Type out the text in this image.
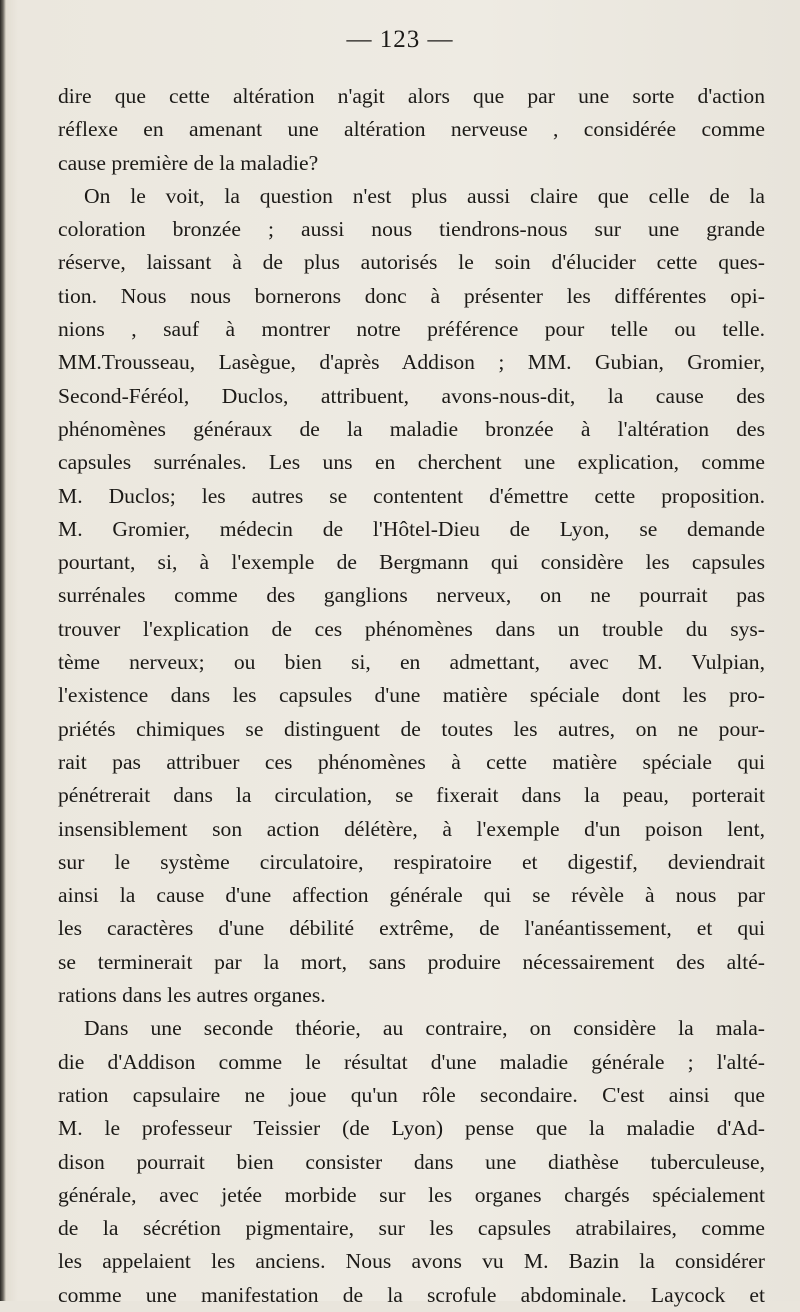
— 123 —
dire que cette altération n'agit alors que par une sorte d'action
réflexe en amenant une altération nerveuse , considérée comme
cause première de la maladie?
On le voit, la question n'est plus aussi claire que celle de la
coloration bronzée ; aussi nous tiendrons-nous sur une grande
réserve, laissant à de plus autorisés le soin d'élucider cette ques-
tion. Nous nous bornerons donc à présenter les différentes opi-
nions , sauf à montrer notre préférence pour telle ou telle.
MM.Trousseau, Lasègue, d'après Addison ; MM. Gubian, Gromier,
Second-Féréol, Duclos, attribuent, avons-nous-dit, la cause des
phénomènes généraux de la maladie bronzée à l'altération des
capsules surrénales. Les uns en cherchent une explication, comme
M. Duclos; les autres se contentent d'émettre cette proposition.
M. Gromier, médecin de l'Hôtel-Dieu de Lyon, se demande
pourtant, si, à l'exemple de Bergmann qui considère les capsules
surrénales comme des ganglions nerveux, on ne pourrait pas
trouver l'explication de ces phénomènes dans un trouble du sys-
tème nerveux; ou bien si, en admettant, avec M. Vulpian,
l'existence dans les capsules d'une matière spéciale dont les pro-
priétés chimiques se distinguent de toutes les autres, on ne pour-
rait pas attribuer ces phénomènes à cette matière spéciale qui
pénétrerait dans la circulation, se fixerait dans la peau, porterait
insensiblement son action délétère, à l'exemple d'un poison lent,
sur le système circulatoire, respiratoire et digestif, deviendrait
ainsi la cause d'une affection générale qui se révèle à nous par
les caractères d'une débilité extrême, de l'anéantissement, et qui
se terminerait par la mort, sans produire nécessairement des alté-
rations dans les autres organes.
Dans une seconde théorie, au contraire, on considère la mala-
die d'Addison comme le résultat d'une maladie générale ; l'alté-
ration capsulaire ne joue qu'un rôle secondaire. C'est ainsi que
M. le professeur Teissier (de Lyon) pense que la maladie d'Ad-
dison pourrait bien consister dans une diathèse tuberculeuse,
générale, avec jetée morbide sur les organes chargés spécialement
de la sécrétion pigmentaire, sur les capsules atrabilaires, comme
les appelaient les anciens. Nous avons vu M. Bazin la considérer
comme une manifestation de la scrofule abdominale. Laycock et
